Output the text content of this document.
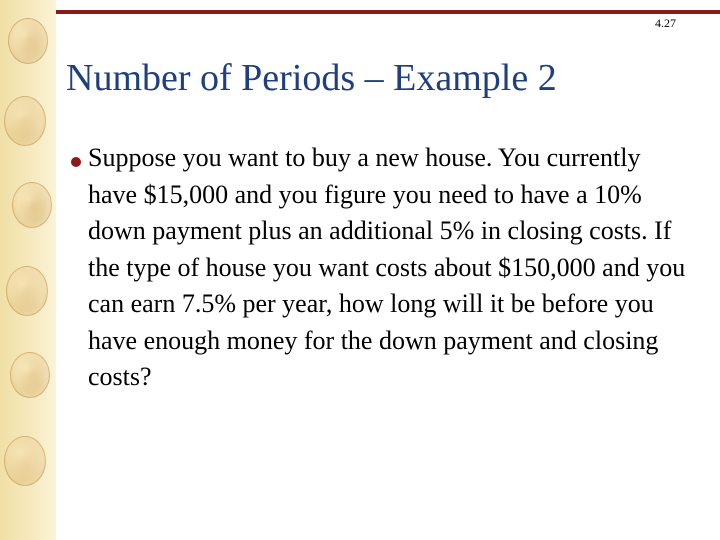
4.27
Number of Periods – Example 2
Suppose you want to buy a new house. You currently have $15,000 and you figure you need to have a 10% down payment plus an additional 5% in closing costs. If the type of house you want costs about $150,000 and you can earn 7.5% per year, how long will it be before you have enough money for the down payment and closing costs?
